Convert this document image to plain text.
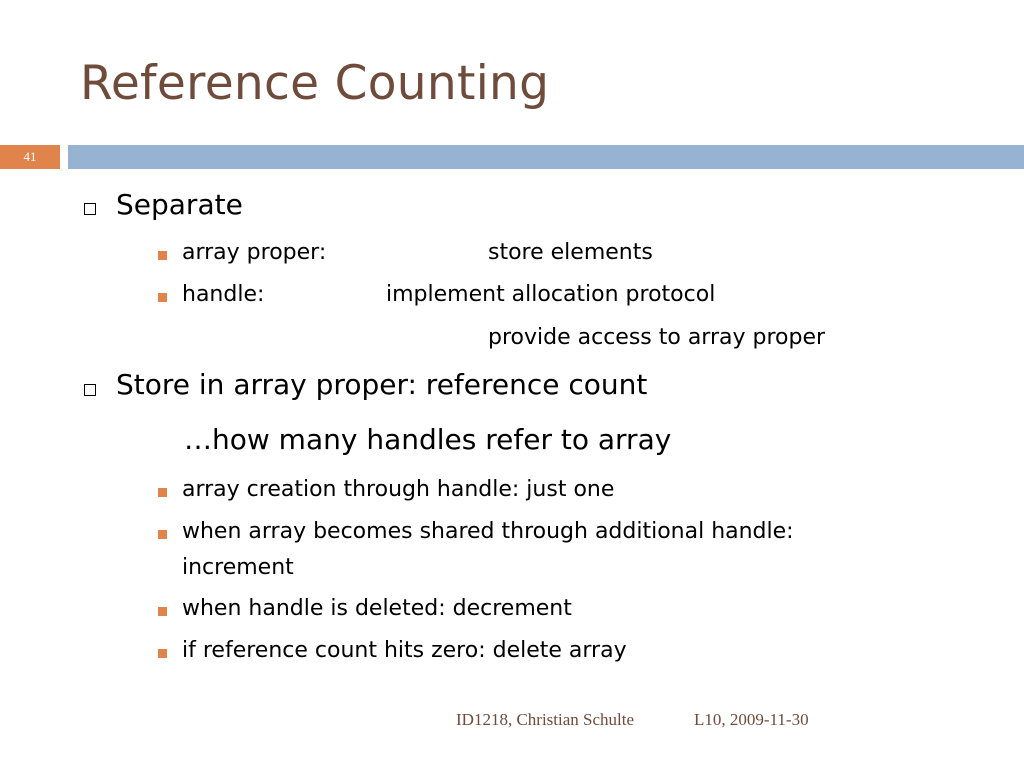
Reference Counting
41
Separate
array proper:	store elements
handle:	implement allocation protocol
provide access to array proper
Store in array proper: reference count
…how many handles refer to array
array creation through handle: just one
when array becomes shared through additional handle:
increment
when handle is deleted: decrement
if reference count hits zero: delete array
ID1218, Christian Schulte	L10, 2009-11-30
